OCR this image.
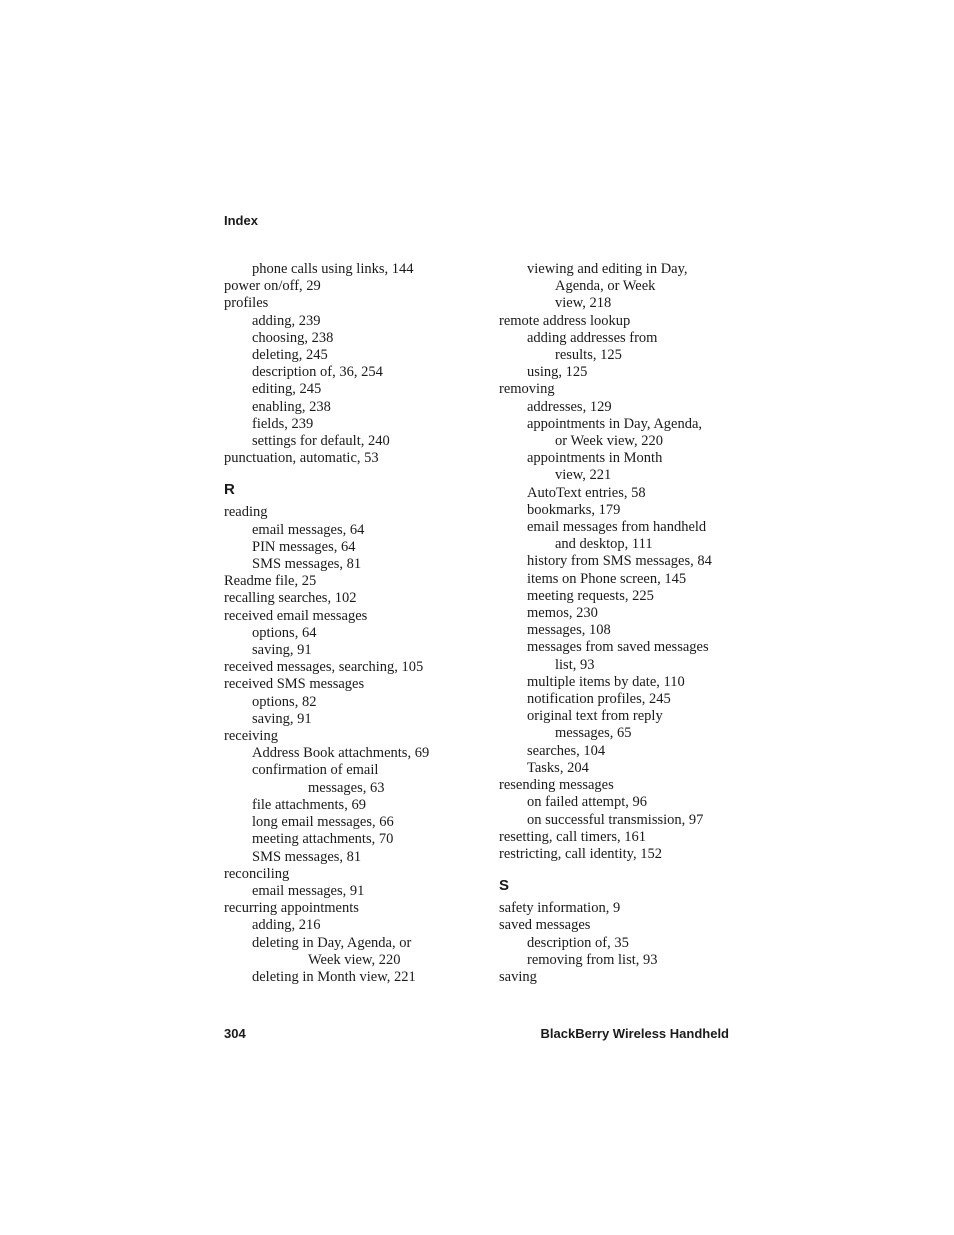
Index
phone calls using links, 144
power on/off, 29
profiles
adding, 239
choosing, 238
deleting, 245
description of, 36, 254
editing, 245
enabling, 238
fields, 239
settings for default, 240
punctuation, automatic, 53
R
reading
email messages, 64
PIN messages, 64
SMS messages, 81
Readme file, 25
recalling searches, 102
received email messages
options, 64
saving, 91
received messages, searching, 105
received SMS messages
options, 82
saving, 91
receiving
Address Book attachments, 69
confirmation of email
messages, 63
file attachments, 69
long email messages, 66
meeting attachments, 70
SMS messages, 81
reconciling
email messages, 91
recurring appointments
adding, 216
deleting in Day, Agenda, or
Week view, 220
deleting in Month view, 221
viewing and editing in Day,
Agenda, or Week
view, 218
remote address lookup
adding addresses from
results, 125
using, 125
removing
addresses, 129
appointments in Day, Agenda,
or Week view, 220
appointments in Month
view, 221
AutoText entries, 58
bookmarks, 179
email messages from handheld
and desktop, 111
history from SMS messages, 84
items on Phone screen, 145
meeting requests, 225
memos, 230
messages, 108
messages from saved messages
list, 93
multiple items by date, 110
notification profiles, 245
original text from reply
messages, 65
searches, 104
Tasks, 204
resending messages
on failed attempt, 96
on successful transmission, 97
resetting, call timers, 161
restricting, call identity, 152
S
safety information, 9
saved messages
description of, 35
removing from list, 93
saving
304	BlackBerry Wireless Handheld
